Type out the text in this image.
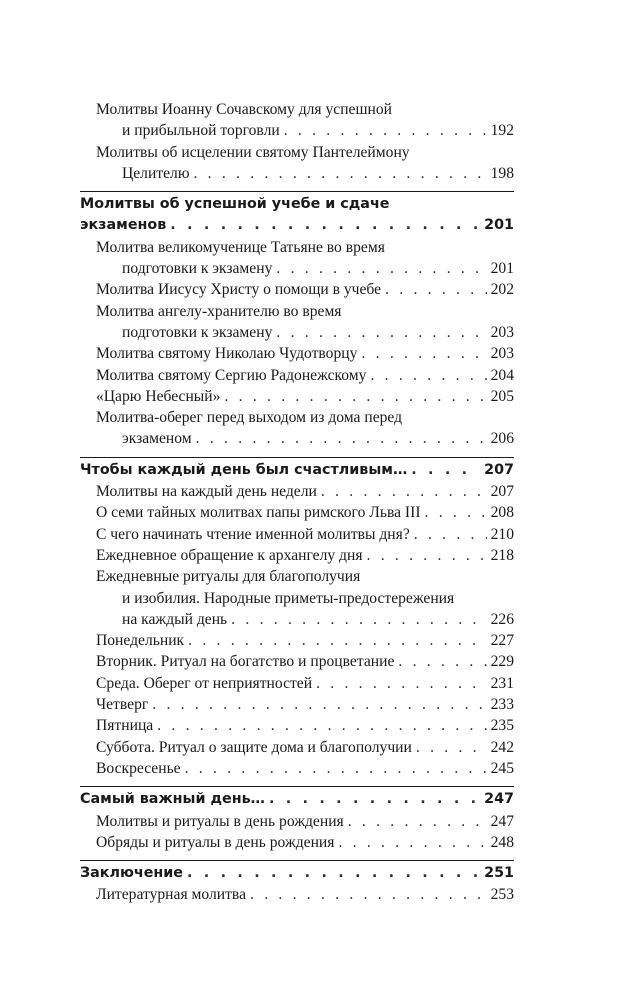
Молитвы Иоанну Сочавскому для успешной
и прибыльной торговли . . .	192
Молитвы об исцелении святому Пантелеймону
Целителю . . .	198
Молитвы об успешной учебе и сдаче
экзаменов . . .	201
Молитва великомученице Татьяне во время
подготовки к экзамену . . .	201
Молитва Иисусу Христу о помощи в учебе . . .	202
Молитва ангелу-хранителю во время
подготовки к экзамену . . .	203
Молитва святому Николаю Чудотворцу . . .	203
Молитва святому Сергию Радонежскому . . .	204
«Царю Небесный» . . .	205
Молитва-оберег перед выходом из дома перед
экзаменом . . .	206
Чтобы каждый день был счастливым… . . .	207
Молитвы на каждый день недели . . .	207
О семи тайных молитвах папы римского Льва III . . .	208
С чего начинать чтение именной молитвы дня? . . .	210
Ежедневное обращение к архангелу дня . . .	218
Ежедневные ритуалы для благополучия
и изобилия. Народные приметы-предостережения
на каждый день . . .	226
Понедельник . . .	227
Вторник. Ритуал на богатство и процветание . . .	229
Среда. Оберег от неприятностей . . .	231
Четверг . . .	233
Пятница . . .	235
Суббота. Ритуал о защите дома и благополучии . . .	242
Воскресенье . . .	245
Самый важный день… . . .	247
Молитвы и ритуалы в день рождения . . .	247
Обряды и ритуалы в день рождения . . .	248
Заключение . . .	251
Литературная молитва . . .	253
